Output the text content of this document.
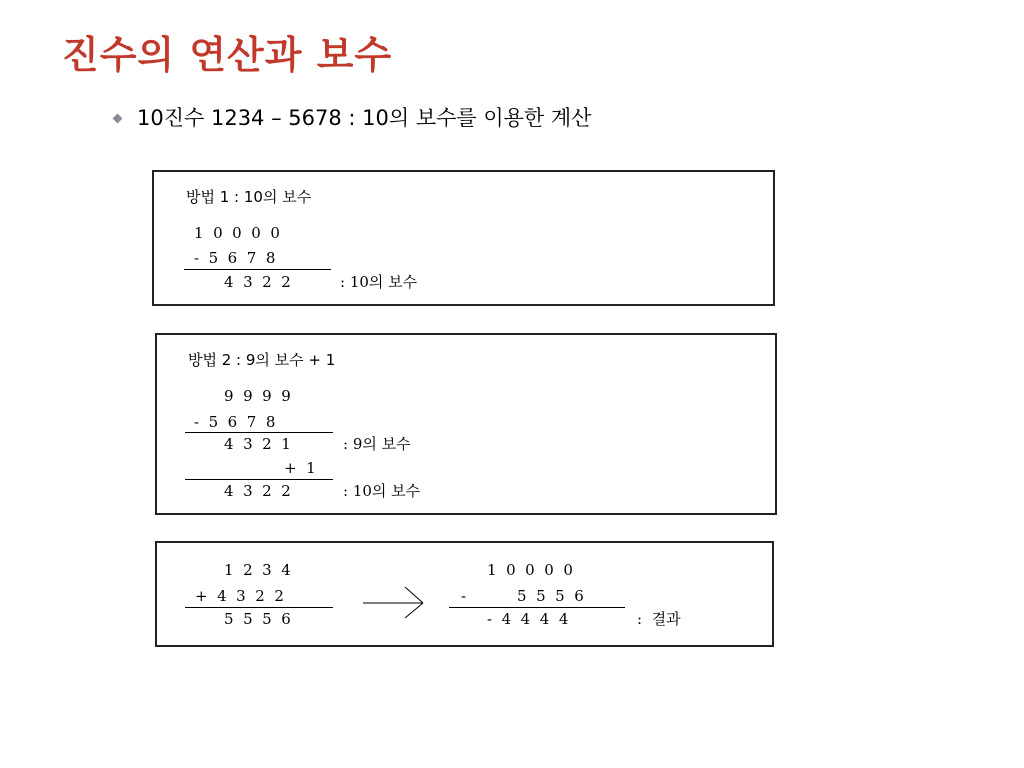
진수의 연산과 보수
10진수 1234 – 5678 : 10의 보수를 이용한 계산
방법 1 : 10의 보수
1  0  0  0  0
-  5  6  7  8
4  3  2  2	: 10의 보수
방법 2 : 9의 보수 + 1
9  9  9  9
-  5  6  7  8
4  3  2  1	: 9의 보수
+  1
4  3  2  2	: 10의 보수
1  2  3  4
+  4  3  2  2
5  5  5  6
1  0  0  0  0
-	5  5  5  6
-  4  4  4  4	:  결과
